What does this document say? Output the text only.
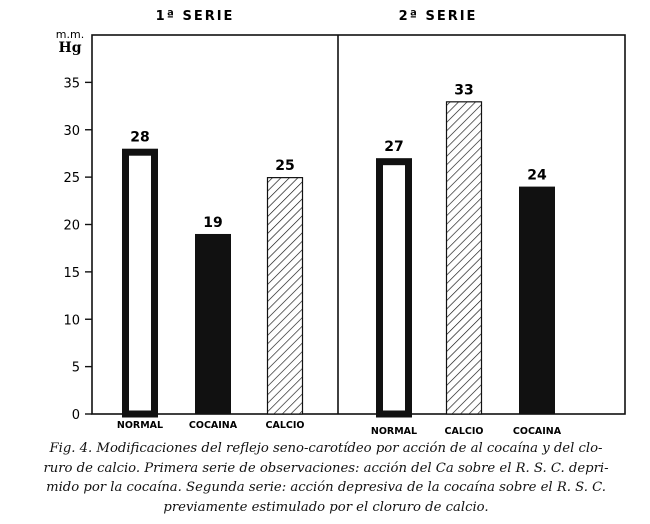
0
5
10
15
20
25
30
35
m.m.
Hg
1ª SERIE	2ª SERIE
28
NORMAL
19
COCAINA
25
CALCIO
27
NORMAL
33
CALCIO
24
COCAINA
Fig. 4. Modificaciones del reflejo seno-carotídeo por acción de al cocaína y del clo-
ruro de calcio. Primera serie de observaciones: acción del Ca sobre el R. S. C. depri-
mido por la cocaína. Segunda serie: acción depresiva de la cocaína sobre el R. S. C.
previamente estimulado por el cloruro de calcio.
